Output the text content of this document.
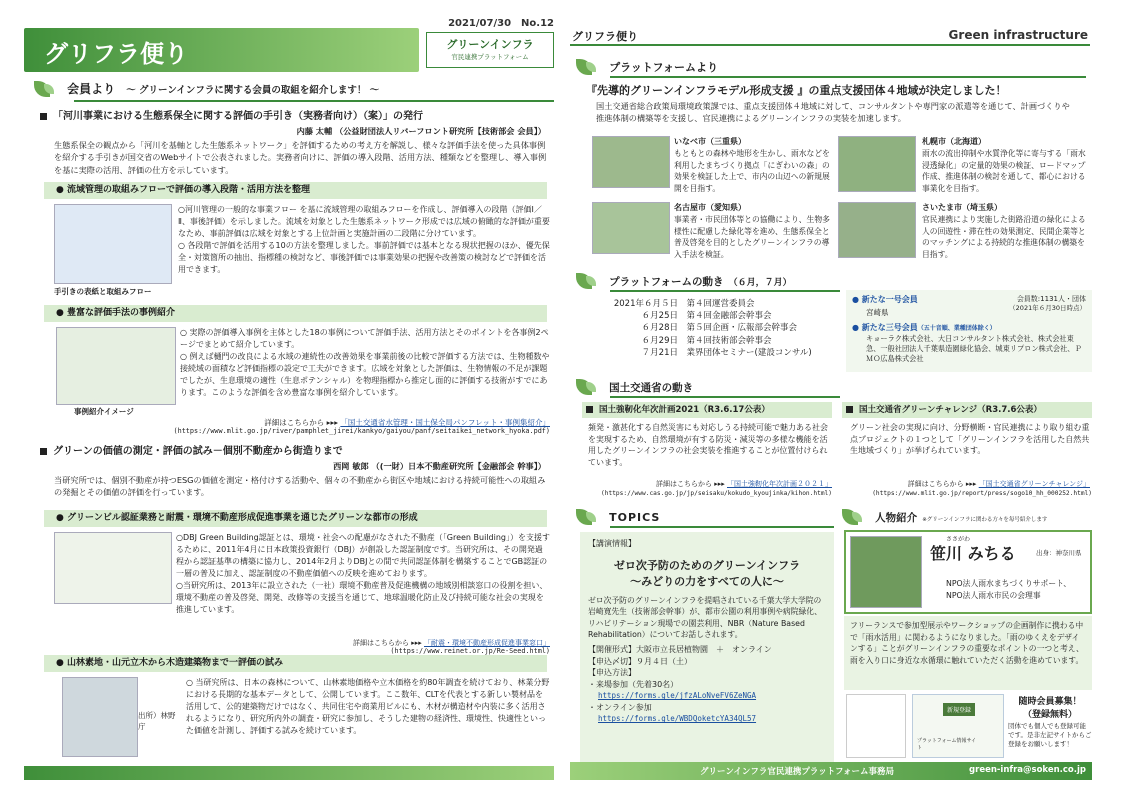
2021/07/30　No.12
グリフラ便り	グリーンインフラ
官民連携プラットフォーム
会員より ～ グリーンインフラに関する会員の取組を紹介します！ ～
「河川事業における生態系保全に関する評価の手引き（実務者向け）（案）」の発行
内藤 太輔 （公益財団法人リバーフロント研究所【技術部会 会員】）
生態系保全の観点から「河川を基軸とした生態系ネットワーク」を評価するための考え方を解説し、様々な評価手法を使った具体事例を紹介する手引きが国交省のWebサイトで公表されました。実務者向けに、評価の導入段階、活用方法、種類などを整理し、導入事例を基に実際の活用、評価の仕方を示しています。
● 流域管理の取組みフローで評価の導入段階・活用方法を整理
手引きの表紙と取組みフロー
○河川管理の一般的な事業フロー を基に流域管理の取組みフローを作成し、評価導入の段階（評価Ⅰ／Ⅱ、事後評価）を示しました。流域を対象とした生態系ネットワーク形成では広域の俯瞰的な評価が重要なため、事前評価は広域を対象とする上位計画と実施計画の二段階に分けています。
○ 各段階で評価を活用する10の方法を整理しました。事前評価では基本となる現状把握のほか、優先保全・対策箇所の抽出、指標種の検討など、事後評価では事業効果の把握や改善策の検討などで評価を活用できます。
● 豊富な評価手法の事例紹介
事例紹介イメージ
○ 実際の評価導入事例を主体とした18の事例について評価手法、活用方法とそのポイントを各事例2ページでまとめて紹介しています。
○ 例えば樋門の改良による水域の連続性の改善効果を事業前後の比較で評価する方法では、生物種数や接続域の面積など評価指標の設定で工夫ができます。広域を対象とした評価は、生物情報の不足が課題でしたが、生息環境の適性（生息ポテンシャル）を物理指標から推定し面的に評価する技術がすでにあります。このような評価を含め豊富な事例を紹介しています。
詳細はこちらから ▸▸▸ 「国土交通省水管理・国土保全局パンフレット・事例集紹介」
(https://www.mlit.go.jp/river/pamphlet_jirei/kankyo/gaiyou/panf/seitaikei_network_hyoka.pdf)
グリーンの価値の測定・評価の試み－個別不動産から街造りまで
西岡 敏郎 （(一財）日本不動産研究所【金融部会 幹事】）
当研究所では、個別不動産が持つESGの価値を測定・格付けする活動や、個々の不動産から街区や地域における持続可能性への取組みの発掘とその価値の評価を行っています。
● グリーンビル認証業務と耐震・環境不動産形成促進事業を通じたグリーンな都市の形成
○DBJ Green Building認証とは、環境・社会への配慮がなされた不動産（「Green Building」）を支援するために、2011年4月に日本政策投資銀行（DBJ）が創設した認証制度です。当研究所は、その開発過程から認証基準の構築に協力し、2014年2月よりDBJとの間で共同認証体制を構築することでGB認証の一層の普及に加え、認証制度の不動産価値への反映を進めております。
○当研究所は、2013年に設立された（一社）環境不動産普及促進機構の地域別相談窓口の役割を担い、環境不動産の普及啓発、開発、改修等の支援当を通じて、地球温暖化防止及び持続可能な社会の実現を推進しています。
詳細はこちらから ▸▸▸ 「耐震・環境不動産形成促進事業窓口」
(https://www.reinet.or.jp/Re-Seed.html)
● 山林素地・山元立木から木造建築物まで一評価の試み
出所）林野庁
○ 当研究所は、日本の森林について、山林素地価格や立木価格を約80年調査を続けており、林業分野における長期的な基本データとして、公開しています。ここ数年、CLTを代表とする新しい製材品を活用して、公的建築物だけではなく、共同住宅や商業用ビルにも、木材が構造材や内装に多く活用されるようになり、研究所内外の調査・研究に参加し、そうした建物の経済性、環境性、快適性といった価値を計測し、評価する試みを続けています。
グリフラ便り	Green infrastructure
プラットフォームより
『先導的グリーンインフラモデル形成支援 』の重点支援団体４地域が決定しました！
国土交通省総合政策局環境政策課では、重点支援団体４地域に対して、コンサルタントや専門家の派遣等を通じて、計画づくりや推進体制の構築等を支援し、官民連携によるグリーンインフラの実装を加速します。
いなべ市（三重県）
もともとの森林や地形を生かし、雨水などを利用したまちづくり拠点「にぎわいの森」の効果を検証した上で、市内の山辺への新規展開を目指す。
札幌市（北海道）
雨水の流出抑制や水質浄化等に寄与する「雨水浸透緑化」の定量的効果の検証、ロードマップ作成、推進体制の検討を通して、都心における事業化を目指す。
名古屋市（愛知県）
事業者・市民団体等との協働により、生物多様性に配慮した緑化等を進め、生態系保全と普及啓発を目的としたグリーンインフラの導入手法を検証。
さいたま市（埼玉県）
官民連携により実施した街路沿道の緑化による人の回遊性・滞在性の効果測定、民間企業等とのマッチングによる持続的な推進体制の構築を目指す。
プラットフォームの動き （６月，７月）
2021年６月５日　 第４回運営委員会
６月25日　 第４回金融部会幹事会
６月28日　 第５回企画・広報部会幹事会
６月29日　 第４回技術部会幹事会
７月21日　 業界団体セミナー(建設コンサル)
● 新たな一号会員	会員数:1131人・団体
（2021年６月30日時点）
宮崎県
● 新たな三号会員（五十音順、業種団体除く）
キョーラク株式会社、大日コンサルタント株式会社、株式会社東急、一般社団法人千葉県造園緑化協会、城東リプロン株式会社、ＰＭＯ広島株式会社
国土交通省の動き
国土強靭化年次計画2021（R3.6.17公表）
頻発・激甚化する自然災害にも対応しうる持続可能で魅力ある社会を実現するため、自然環境が有する防災・減災等の多様な機能を活用したグリーンインフラの社会実装を推進することが位置付けられています。
詳細はこちらから ▸▸▸ 「国土強靭化年次計画２０２１」
(https://www.cas.go.jp/jp/seisaku/kokudo_kyoujinka/kihon.html)
国土交通省グリーンチャレンジ（R3.7.6公表）
グリーン社会の実現に向け、分野横断・官民連携により取り組む重点プロジェクトの１つとして「グリーンインフラを活用した自然共生地域づくり」が挙げられています。
詳細はこちらから ▸▸▸ 「国土交通省グリーンチャレンジ」
(https://www.mlit.go.jp/report/press/sogo10_hh_000252.html)
TOPICS
【講演情報】
ゼロ次予防のためのグリーンインフラ
～みどりの力をすべての人に～
ゼロ次予防のグリーンインフラを提唱されている千葉大学大学院の岩崎寛先生（技術部会幹事）が、都市公園の利用事例や病院緑化、リハビリテーション現場での園芸利用、NBR（Nature Based Rehabilitation）についてお話しされます。
【開催形式】大阪市立長居植物園　＋　オンライン
【申込〆切】９月４日（土）
【申込方法】
・来場参加（先着30名）
https://forms.gle/jfzALoNveFV6ZeNGA
・オンライン参加
https://forms.gle/WBDQoketcYA34QL57
人物紹介 ※グリーンインフラに関わる方々を毎号紹介します
ささがわ
笹川 みちる	出身：神奈川県
NPO法人雨水まちづくりサポート、
NPO法人雨水市民の会理事
フリーランスで参加型展示やワークショップの企画制作に携わる中で「雨水活用」に関わるようになりました。「雨のゆくえをデザインする」ことがグリーンインフラの重要なポイントの一つと考え、雨を入り口に身近な水循環に触れていただく活動を進めています。
新規登録
プラットフォーム情報サイト
随時会員募集！
（登録無料）
団体でも個人でも登録可能です。是非左記サイトからご登録をお願いします！
グリーンインフラ官民連携プラットフォーム事務局	green-infra@soken.co.jp
